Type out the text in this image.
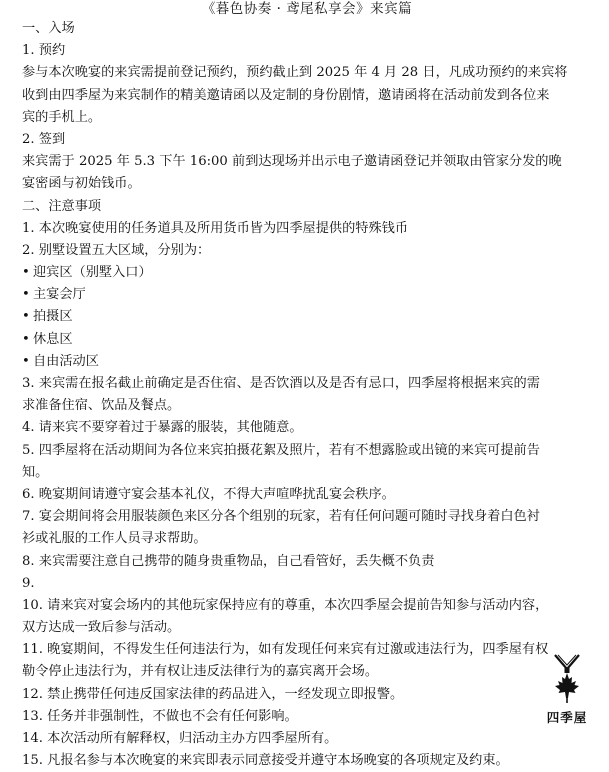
《暮色协奏 · 鸢尾私享会》来宾篇
一、入场
1. 预约
参与本次晚宴的来宾需提前登记预约，预约截止到 2025 年 4 月 28 日，凡成功预约的来宾将
收到由四季屋为来宾制作的精美邀请函以及定制的身份剧情，邀请函将在活动前发到各位来
宾的手机上。
2. 签到
来宾需于 2025 年 5.3 下午 16:00 前到达现场并出示电子邀请函登记并领取由管家分发的晚
宴密函与初始钱币。
二、注意事项
1. 本次晚宴使用的任务道具及所用货币皆为四季屋提供的特殊钱币
2. 别墅设置五大区域，分别为：
• 迎宾区（别墅入口）
• 主宴会厅
• 拍摄区
• 休息区
• 自由活动区
3. 来宾需在报名截止前确定是否住宿、是否饮酒以及是否有忌口，四季屋将根据来宾的需
求准备住宿、饮品及餐点。
4. 请来宾不要穿着过于暴露的服装，其他随意。
5. 四季屋将在活动期间为各位来宾拍摄花絮及照片，若有不想露脸或出镜的来宾可提前告
知。
6. 晚宴期间请遵守宴会基本礼仪，不得大声喧哗扰乱宴会秩序。
7. 宴会期间将会用服装颜色来区分各个组别的玩家，若有任何问题可随时寻找身着白色衬
衫或礼服的工作人员寻求帮助。
8. 来宾需要注意自己携带的随身贵重物品，自己看管好，丢失概不负责
9.
10. 请来宾对宴会场内的其他玩家保持应有的尊重，本次四季屋会提前告知参与活动内容，
双方达成一致后参与活动。
11. 晚宴期间，不得发生任何违法行为，如有发现任何来宾有过激或违法行为，四季屋有权
勒令停止违法行为，并有权让违反法律行为的嘉宾离开会场。
12. 禁止携带任何违反国家法律的药品进入，一经发现立即报警。
13. 任务并非强制性，不做也不会有任何影响。
14. 本次活动所有解释权，归活动主办方四季屋所有。
15. 凡报名参与本次晚宴的来宾即表示同意接受并遵守本场晚宴的各项规定及约束。
四季屋
